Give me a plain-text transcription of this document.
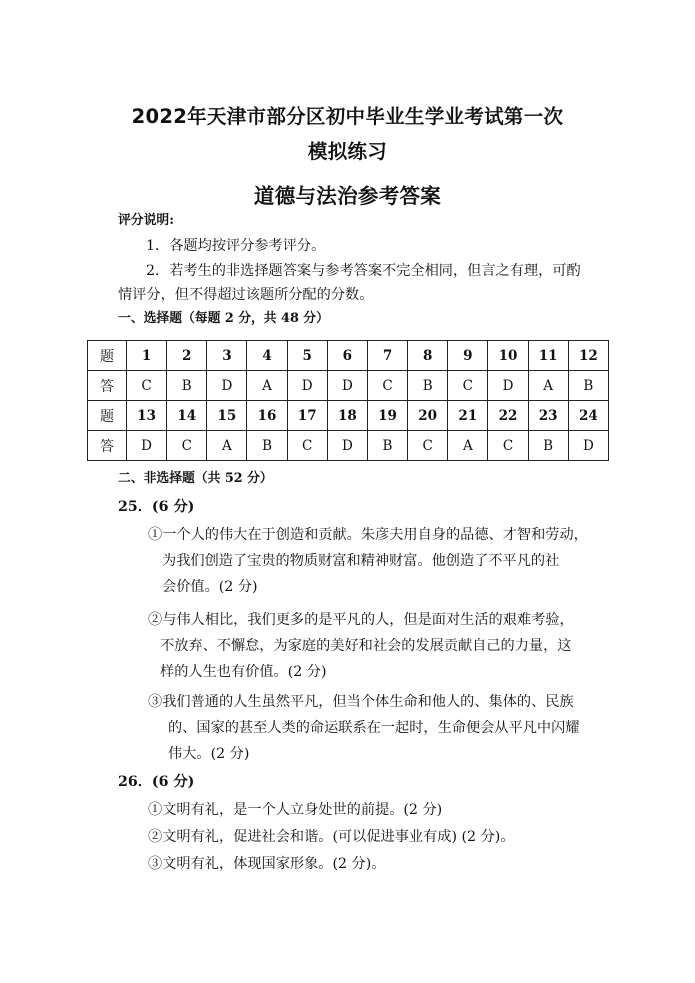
2022年天津市部分区初中毕业生学业考试第一次
模拟练习
道德与法治参考答案
评分说明:
1．各题均按评分参考评分。
2．若考生的非选择题答案与参考答案不完全相同，但言之有理，可酌
情评分，但不得超过该题所分配的分数。
一、选择题（每题 2 分，共 48 分）
题	1	2	3	4	5	6	7	8	9	10	11	12
答	C	B	D	A	D	D	C	B	C	D	A	B
题	13	14	15	16	17	18	19	20	21	22	23	24
答	D	C	A	B	C	D	B	C	A	C	B	D
二、非选择题（共 52 分）
25．(6 分)
①一个人的伟大在于创造和贡献。朱彦夫用自身的品德、才智和劳动，
为我们创造了宝贵的物质财富和精神财富。他创造了不平凡的社
会价值。(2 分)
②与伟人相比，我们更多的是平凡的人，但是面对生活的艰难考验，
不放弃、不懈怠，为家庭的美好和社会的发展贡献自己的力量，这
样的人生也有价值。(2 分)
③我们普通的人生虽然平凡，但当个体生命和他人的、集体的、民族
的、国家的甚至人类的命运联系在一起时，生命便会从平凡中闪耀
伟大。(2 分)
26．(6 分)
①文明有礼，是一个人立身处世的前提。(2 分)
②文明有礼，促进社会和谐。(可以促进事业有成) (2 分)。
③文明有礼，体现国家形象。(2 分)。
